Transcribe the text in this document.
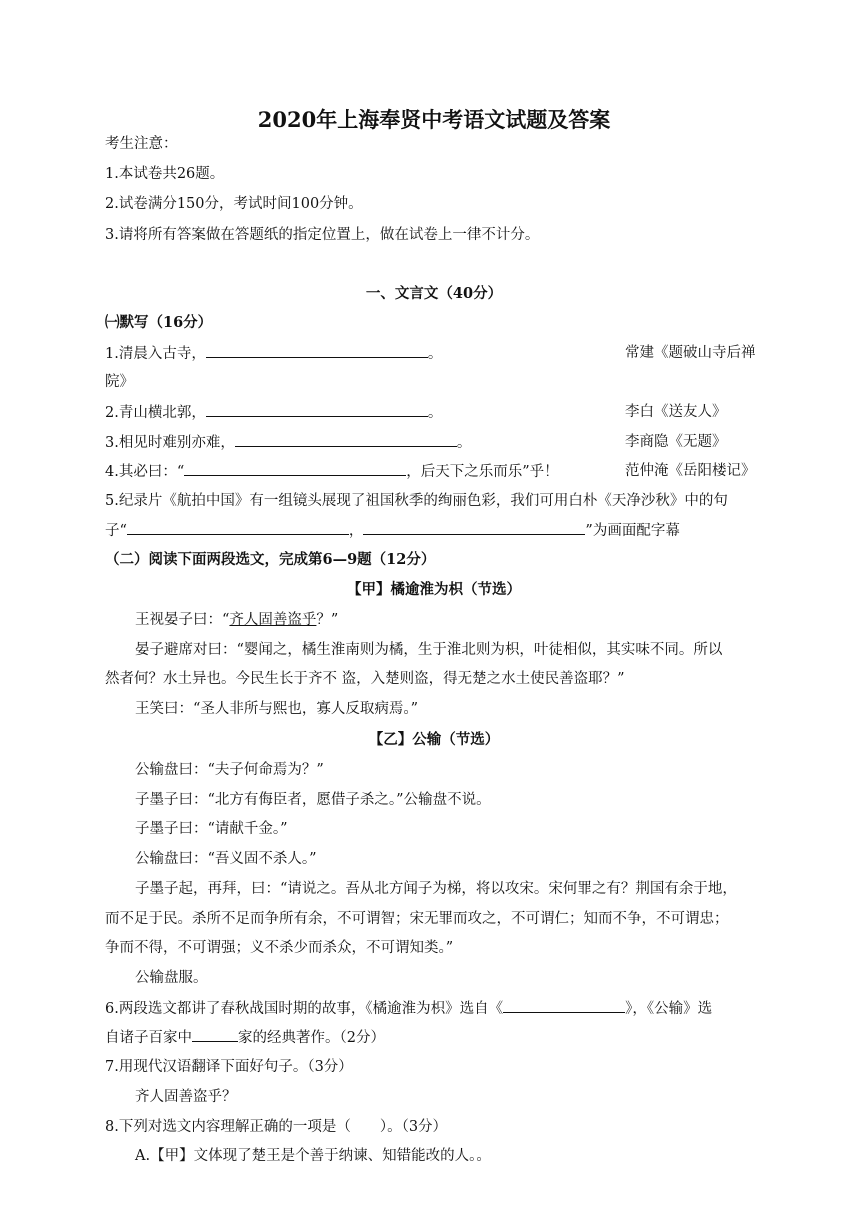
2020年上海奉贤中考语文试题及答案
考生注意：
1.本试卷共26题。
2.试卷满分150分，考试时间100分钟。
3.请将所有答案做在答题纸的指定位置上，做在试卷上一律不计分。
一、文言文（40分）
㈠默写（16分）
1.清晨入古寺，	。	常建《题破山寺后禅
院》
2.青山横北郭，	。	李白《送友人》
3.相见时难别亦难，	。	李商隐《无题》
4.其必曰：“	，后天下之乐而乐”乎！	范仲淹《岳阳楼记》
5.纪录片《航拍中国》有一组镜头展现了祖国秋季的绚丽色彩，我们可用白朴《天净沙秋》中的句
子“	，	”为画面配字幕
（二）阅读下面两段选文，完成第6—9题（12分）
【甲】橘逾淮为枳（节选）
王视晏子曰：“齐人固善盗乎？”
晏子避席对曰：“婴闻之，橘生淮南则为橘，生于淮北则为枳，叶徒相似，其实味不同。所以
然者何？水土异也。今民生长于齐不 盗，入楚则盗，得无楚之水土使民善盗耶？”
王笑曰：“圣人非所与熙也，寡人反取病焉。”
【乙】公输（节选）
公输盘曰：“夫子何命焉为？”
子墨子曰：“北方有侮臣者，愿借子杀之。”公输盘不说。
子墨子曰：“请献千金。”
公输盘曰：“吾义固不杀人。”
子墨子起，再拜，曰：“请说之。吾从北方闻子为梯，将以攻宋。宋何罪之有？荆国有余于地，
而不足于民。杀所不足而争所有余，不可谓智；宋无罪而攻之，不可谓仁；知而不争，不可谓忠；
争而不得，不可谓强；义不杀少而杀众，不可谓知类。”
公输盘服。
6.两段选文都讲了春秋战国时期的故事，《橘逾淮为枳》选自《	》，《公输》选
自诸子百家中	家的经典著作。（2分）
7.用现代汉语翻译下面好句子。（3分）
齐人固善盗乎？
8.下列对选文内容理解正确的一项是（　　）。（3分）
A.【甲】文体现了楚王是个善于纳谏、知错能改的人。。
